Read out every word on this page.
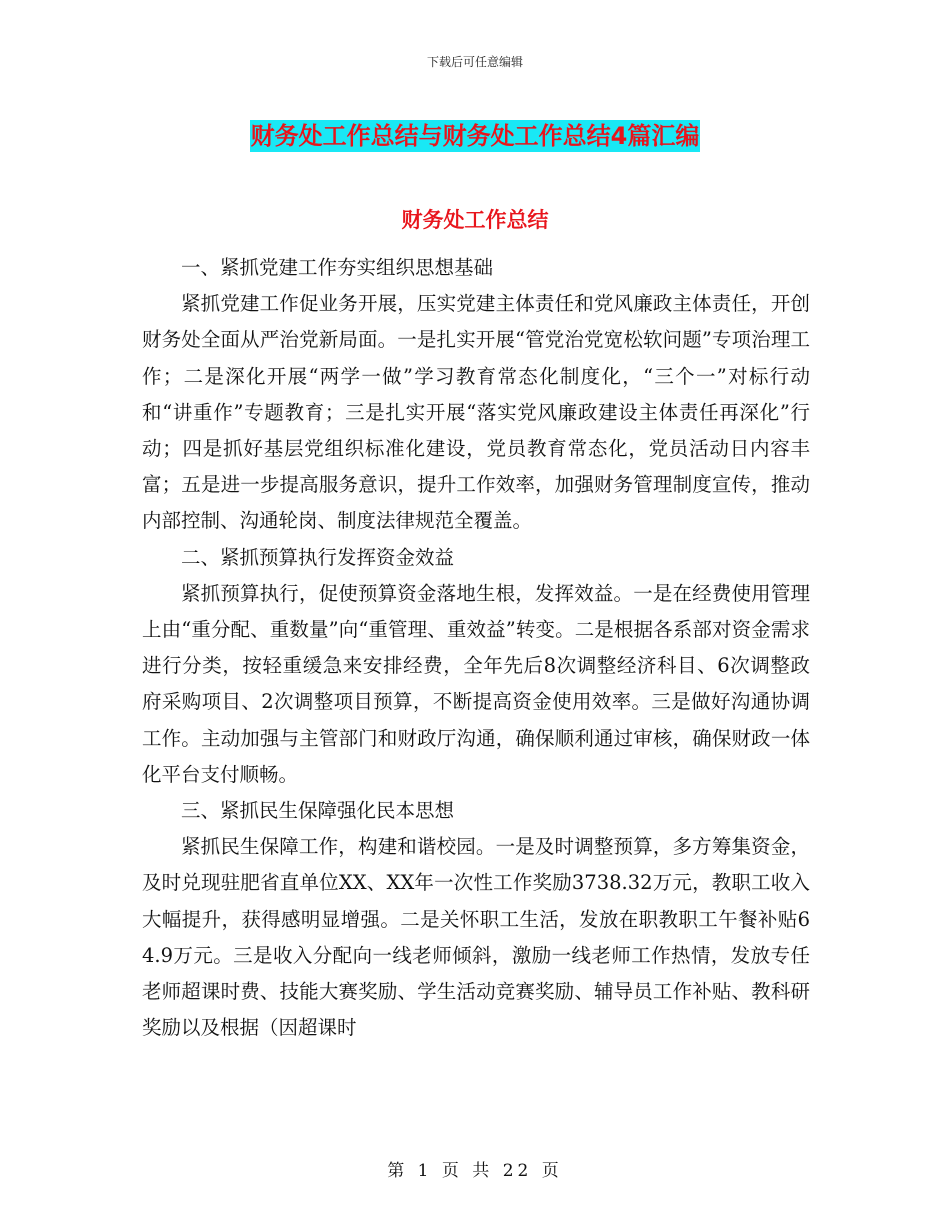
下载后可任意编辑
财务处工作总结与财务处工作总结4篇汇编
财务处工作总结

一、紧抓党建工作夯实组织思想基础

紧抓党建工作促业务开展，压实党建主体责任和党风廉政主体责任，开创财务处全面从严治党新局面。一是扎实开展“管党治党宽松软问题”专项治理工作；二是深化开展“两学一做”学习教育常态化制度化，“三个一”对标行动和“讲重作”专题教育；三是扎实开展“落实党风廉政建设主体责任再深化”行动；四是抓好基层党组织标准化建设，党员教育常态化，党员活动日内容丰富；五是进一步提高服务意识，提升工作效率，加强财务管理制度宣传，推动内部控制、沟通轮岗、制度法律规范全覆盖。

二、紧抓预算执行发挥资金效益

紧抓预算执行，促使预算资金落地生根，发挥效益。一是在经费使用管理上由“重分配、重数量”向“重管理、重效益”转变。二是根据各系部对资金需求进行分类，按轻重缓急来安排经费，全年先后8次调整经济科目、6次调整政府采购项目、2次调整项目预算，不断提高资金使用效率。三是做好沟通协调工作。主动加强与主管部门和财政厅沟通，确保顺利通过审核，确保财政一体化平台支付顺畅。

三、紧抓民生保障强化民本思想

紧抓民生保障工作，构建和谐校园。一是及时调整预算，多方筹集资金，及时兑现驻肥省直单位XX、XX年一次性工作奖励3738.32万元，教职工收入大幅提升，获得感明显增强。二是关怀职工生活，发放在职教职工午餐补贴64.9万元。三是收入分配向一线老师倾斜，激励一线老师工作热情，发放专任老师超课时费、技能大赛奖励、学生活动竞赛奖励、辅导员工作补贴、教科研奖励以及根据（因超课时

第 1 页 共 22 页
